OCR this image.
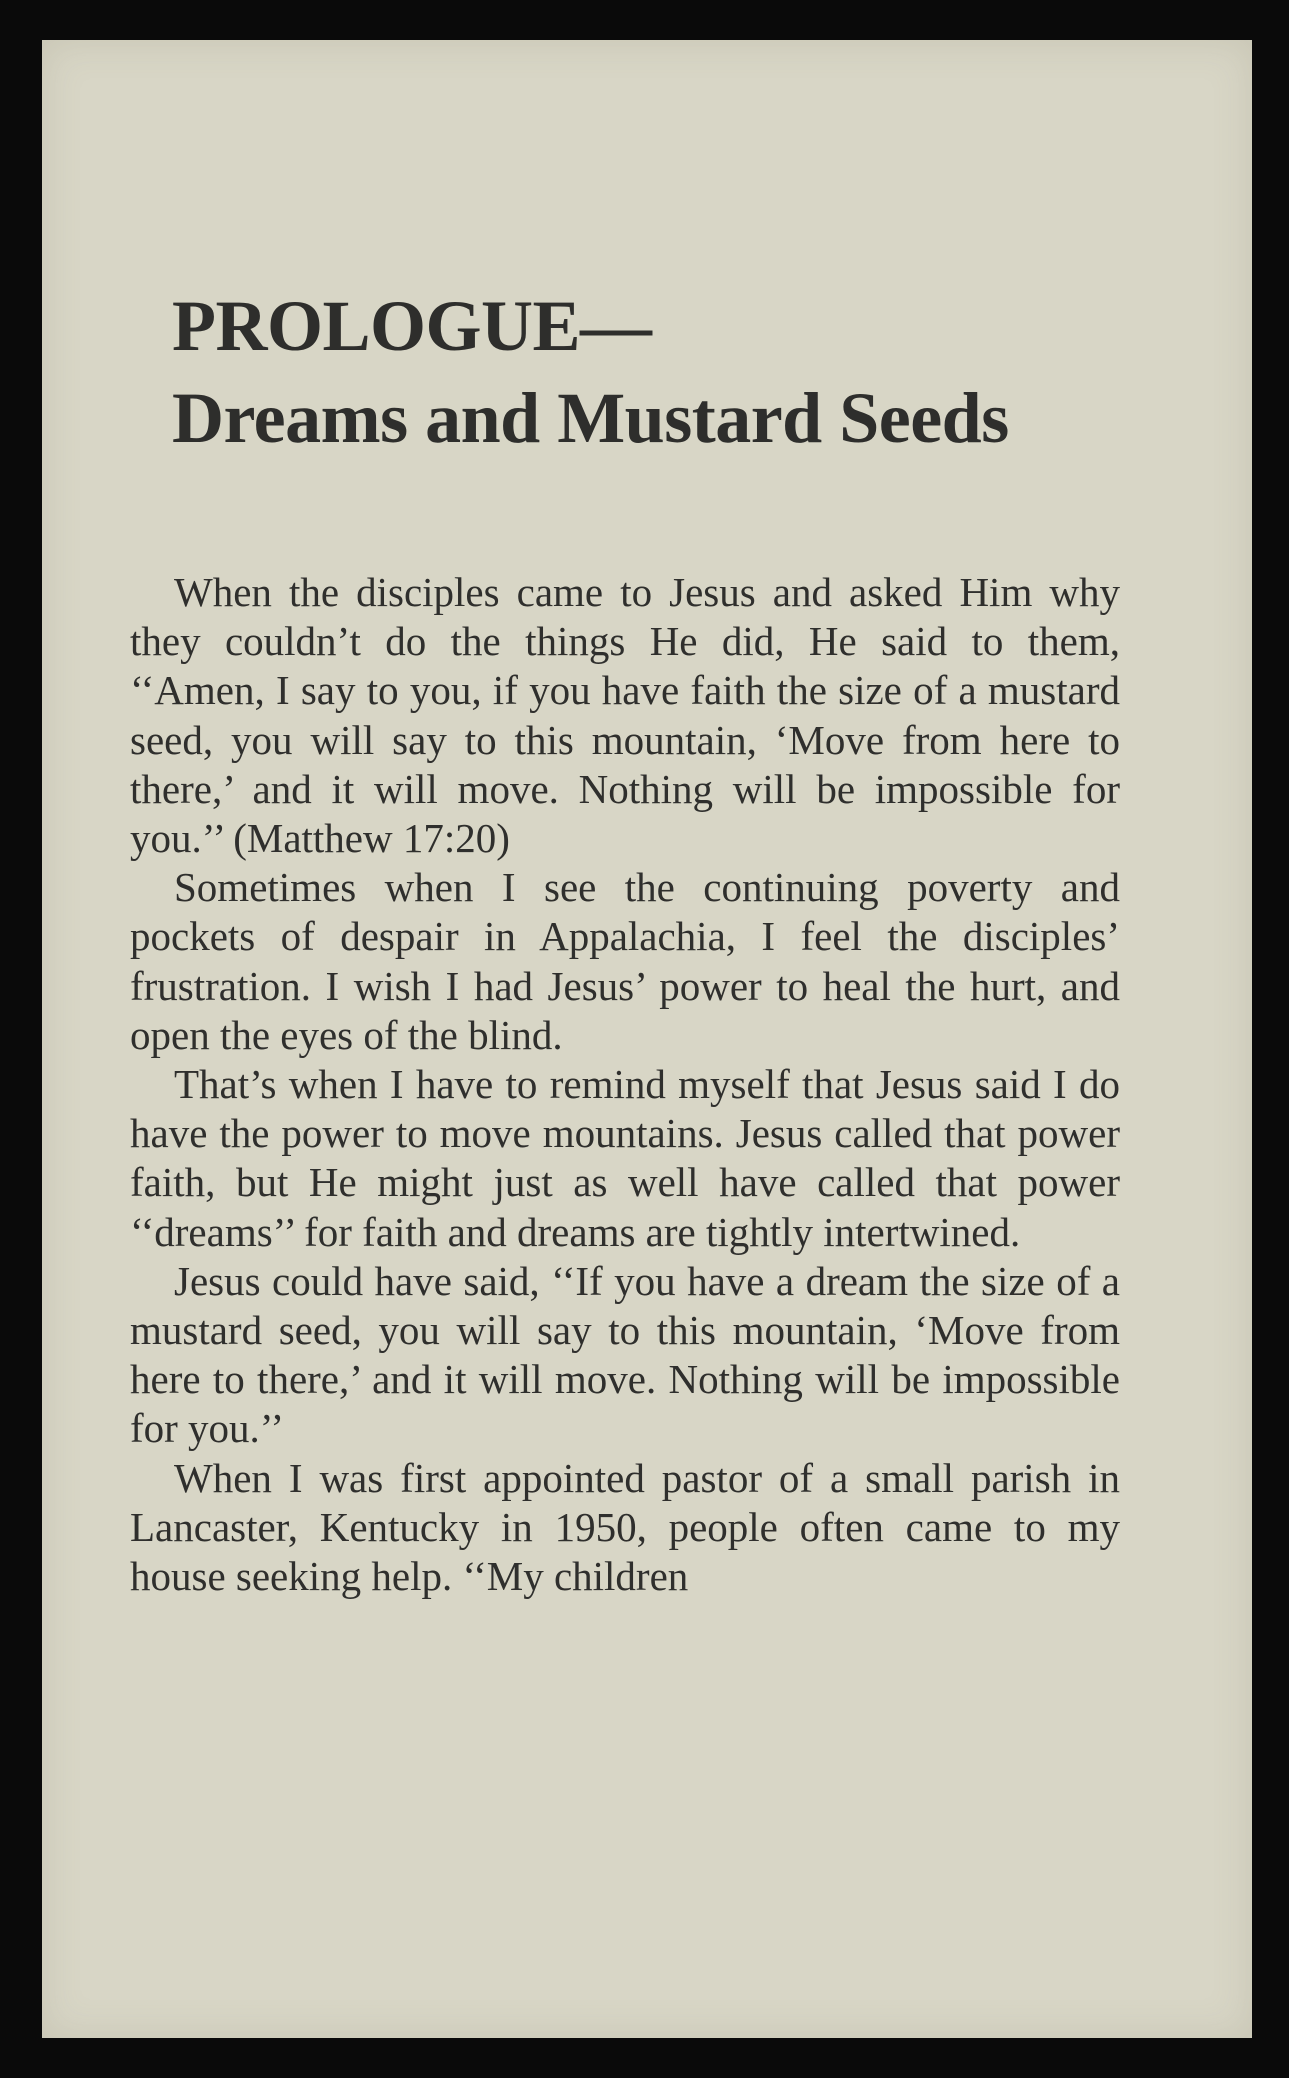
PROLOGUE—
Dreams and Mustard Seeds

When the disciples came to Jesus and asked Him why they couldn’t do the things He did, He said to them, ‘‘Amen, I say to you, if you have faith the size of a mustard seed, you will say to this mountain, ‘Move from here to there,’ and it will move. Nothing will be impossible for you.’’ (Matthew 17:20)

Sometimes when I see the continuing poverty and pockets of despair in Appalachia, I feel the disciples’ frustration. I wish I had Jesus’ power to heal the hurt, and open the eyes of the blind.

That’s when I have to remind myself that Jesus said I do have the power to move mountains. Jesus called that power faith, but He might just as well have called that power ‘‘dreams’’ for faith and dreams are tightly intertwined.

Jesus could have said, ‘‘If you have a dream the size of a mustard seed, you will say to this mountain, ‘Move from here to there,’ and it will move. Nothing will be impossible for you.’’

When I was first appointed pastor of a small parish in Lancaster, Kentucky in 1950, people often came to my house seeking help. ‘‘My children
